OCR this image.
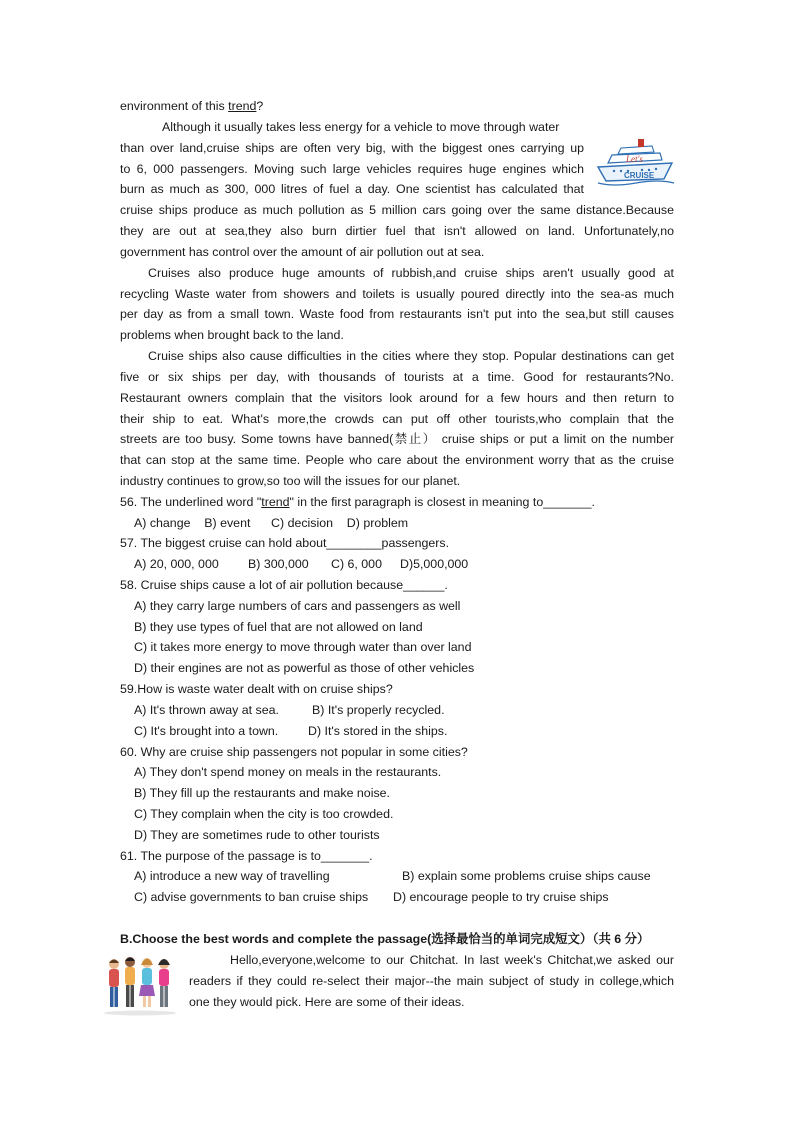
environment of this trend?
Although it usually takes less energy for a vehicle to move through water
than over land,cruise ships are often very big, with the biggest ones carrying up
to 6, 000 passengers. Moving such large vehicles requires huge engines which
burn as much as 300, 000 litres of fuel a day. One scientist has calculated that
cruise ships produce as much pollution as 5 million cars going over the same distance.Because
they are out at sea,they also burn dirtier fuel that isn't allowed on land. Unfortunately,no
government has control over the amount of air pollution out at sea.
Let's
CRUISE
Cruises also produce huge amounts of rubbish,and cruise ships aren't usually good at
recycling Waste water from showers and toilets is usually poured directly into the sea-as much
per day as from a small town. Waste food from restaurants isn't put into the sea,but still causes
problems when brought back to the land.
Cruise ships also cause difficulties in the cities where they stop. Popular destinations can get
five or six ships per day, with thousands of tourists at a time. Good for restaurants?No.
Restaurant owners complain that the visitors look around for a few hours and then return to
their ship to eat. What's more,the crowds can put off other tourists,who complain that the
streets are too busy. Some towns have banned(禁止） cruise ships or put a limit on the number
that can stop at the same time. People who care about the environment worry that as the cruise
industry continues to grow,so too will the issues for our planet.
56. The underlined word "trend" in the first paragraph is closest in meaning to_______.
A) change    B) event      C) decision    D) problem
57. The biggest cruise can hold about________passengers.
A) 20, 000, 000 B) 300,000 C) 6, 000 D)5,000,000
58. Cruise ships cause a lot of air pollution because______.
A) they carry large numbers of cars and passengers as well
B) they use types of fuel that are not allowed on land
C) it takes more energy to move through water than over land
D) their engines are not as powerful as those of other vehicles
59.How is waste water dealt with on cruise ships?
A) It's thrown away at sea.	B) It's properly recycled.
C) It's brought into a town. D) It's stored in the ships.
60. Why are cruise ship passengers not popular in some cities?
A) They don't spend money on meals in the restaurants.
B) They fill up the restaurants and make noise.
C) They complain when the city is too crowded.
D) They are sometimes rude to other tourists
61. The purpose of the passage is to_______.
A) introduce a new way of travelling	B) explain some problems cruise ships cause
C) advise governments to ban cruise ships D) encourage people to try cruise ships
B.Choose the best words and complete the passage(选择最恰当的单词完成短文）（共 6 分）
Hello,everyone,welcome to our Chitchat. In last week's Chitchat,we asked our
readers if they could re-select their major--the main subject of study in college,which
one they would pick. Here are some of their ideas.
